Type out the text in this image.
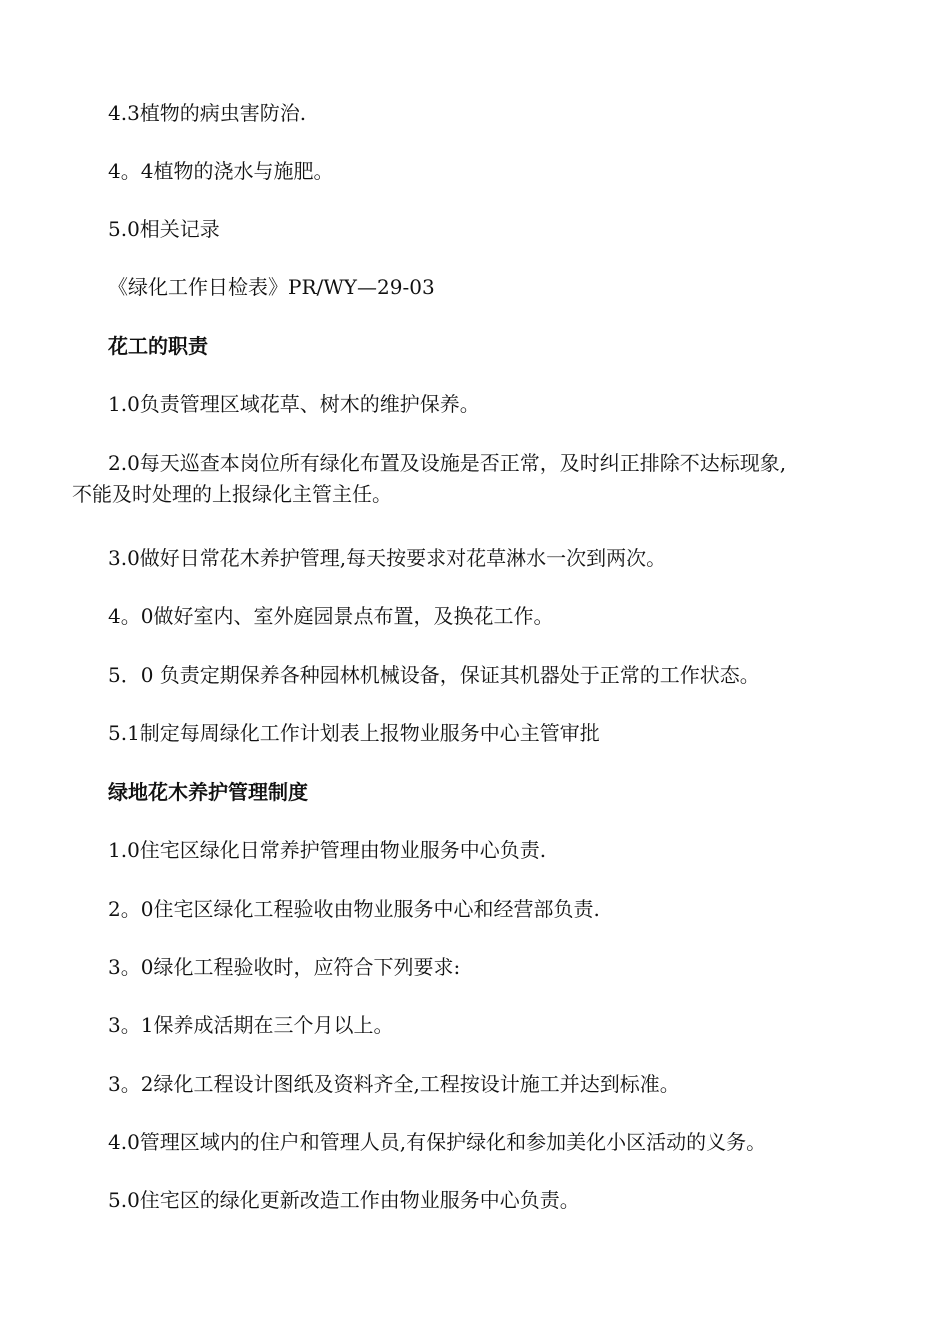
4.3植物的病虫害防治.

4。4植物的浇水与施肥。

5.0相关记录

《绿化工作日检表》PR/WY—29-03

花工的职责

1.0负责管理区域花草、树木的维护保养。

2.0每天巡查本岗位所有绿化布置及设施是否正常，及时纠正排除不达标现象,
不能及时处理的上报绿化主管主任。

3.0做好日常花木养护管理,每天按要求对花草淋水一次到两次。

4。0做好室内、室外庭园景点布置，及换花工作。

5．0 负责定期保养各种园林机械设备，保证其机器处于正常的工作状态。

5.1制定每周绿化工作计划表上报物业服务中心主管审批

绿地花木养护管理制度

1.0住宅区绿化日常养护管理由物业服务中心负责.

2。0住宅区绿化工程验收由物业服务中心和经营部负责.

3。0绿化工程验收时，应符合下列要求:

3。1保养成活期在三个月以上。

3。2绿化工程设计图纸及资料齐全,工程按设计施工并达到标准。

4.0管理区域内的住户和管理人员,有保护绿化和参加美化小区活动的义务。

5.0住宅区的绿化更新改造工作由物业服务中心负责。
